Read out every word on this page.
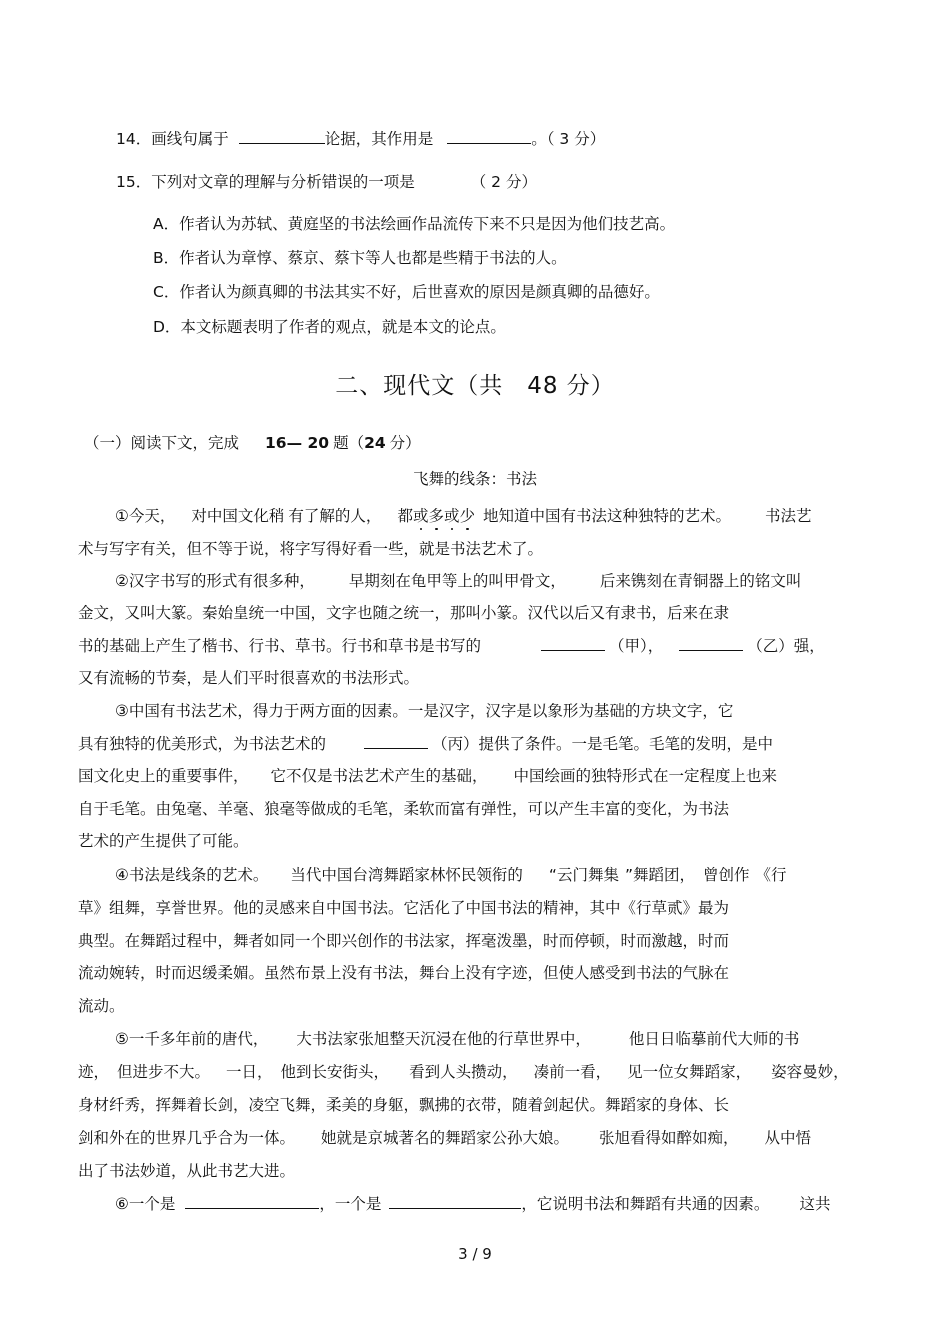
14．画线句属于	论据，其作用是	。（ 3 分）
15．下列对文章的理解与分析错误的一项是	（ 2 分）
A．作者认为苏轼、黄庭坚的书法绘画作品流传下来不只是因为他们技艺高。
B．作者认为章惇、蔡京、蔡卞等人也都是些精于书法的人。
C．作者认为颜真卿的书法其实不好，后世喜欢的原因是颜真卿的品德好。
D．本文标题表明了作者的观点，就是本文的论点。
二、现代文（共　48 分）
（一）阅读下文，完成 16— 20 题（24 分）
飞舞的线条：书法
①今天， 对中国文化稍 有了解的人， 都或多或少 地知道中国有书法这种独特的艺术。 书法艺
术与写字有关，但不等于说，将字写得好看一些，就是书法艺术了。
②汉字书写的形式有很多种， 早期刻在龟甲等上的叫甲骨文， 后来镌刻在青铜器上的铭文叫
金文，又叫大篆。秦始皇统一中国，文字也随之统一，那叫小篆。汉代以后又有隶书，后来在隶
书的基础上产生了楷书、行书、草书。行书和草书是书写的	（甲），	（乙）强，
又有流畅的节奏，是人们平时很喜欢的书法形式。
③中国有书法艺术，得力于两方面的因素。一是汉字，汉字是以象形为基础的方块文字，它
具有独特的优美形式，为书法艺术的	（丙）提供了条件。一是毛笔。毛笔的发明，是中
国文化史上的重要事件， 它不仅是书法艺术产生的基础， 中国绘画的独特形式在一定程度上也来
自于毛笔。由兔毫、羊毫、狼毫等做成的毛笔，柔软而富有弹性，可以产生丰富的变化，为书法
艺术的产生提供了可能。
④书法是线条的艺术。 当代中国台湾舞蹈家林怀民领衔的 “云门舞集 ”舞蹈团， 曾创作 《行
草》组舞，享誉世界。他的灵感来自中国书法。它活化了中国书法的精神，其中《行草贰》最为
典型。在舞蹈过程中，舞者如同一个即兴创作的书法家，挥毫泼墨，时而停顿，时而激越，时而
流动婉转，时而迟缓柔媚。虽然布景上没有书法，舞台上没有字迹，但使人感受到书法的气脉在
流动。
⑤一千多年前的唐代， 大书法家张旭整天沉浸在他的行草世界中， 他日日临摹前代大师的书
迹， 但进步不大。 一日， 他到长安街头， 看到人头攒动， 凑前一看， 见一位女舞蹈家， 姿容曼妙，
身材纤秀，挥舞着长剑，凌空飞舞，柔美的身躯，飘拂的衣带，随着剑起伏。舞蹈家的身体、长
剑和外在的世界几乎合为一体。 她就是京城著名的舞蹈家公孙大娘。 张旭看得如醉如痴， 从中悟
出了书法妙道，从此书艺大进。
⑥一个是	，一个是	，它说明书法和舞蹈有共通的因素。 这共
3 / 9
